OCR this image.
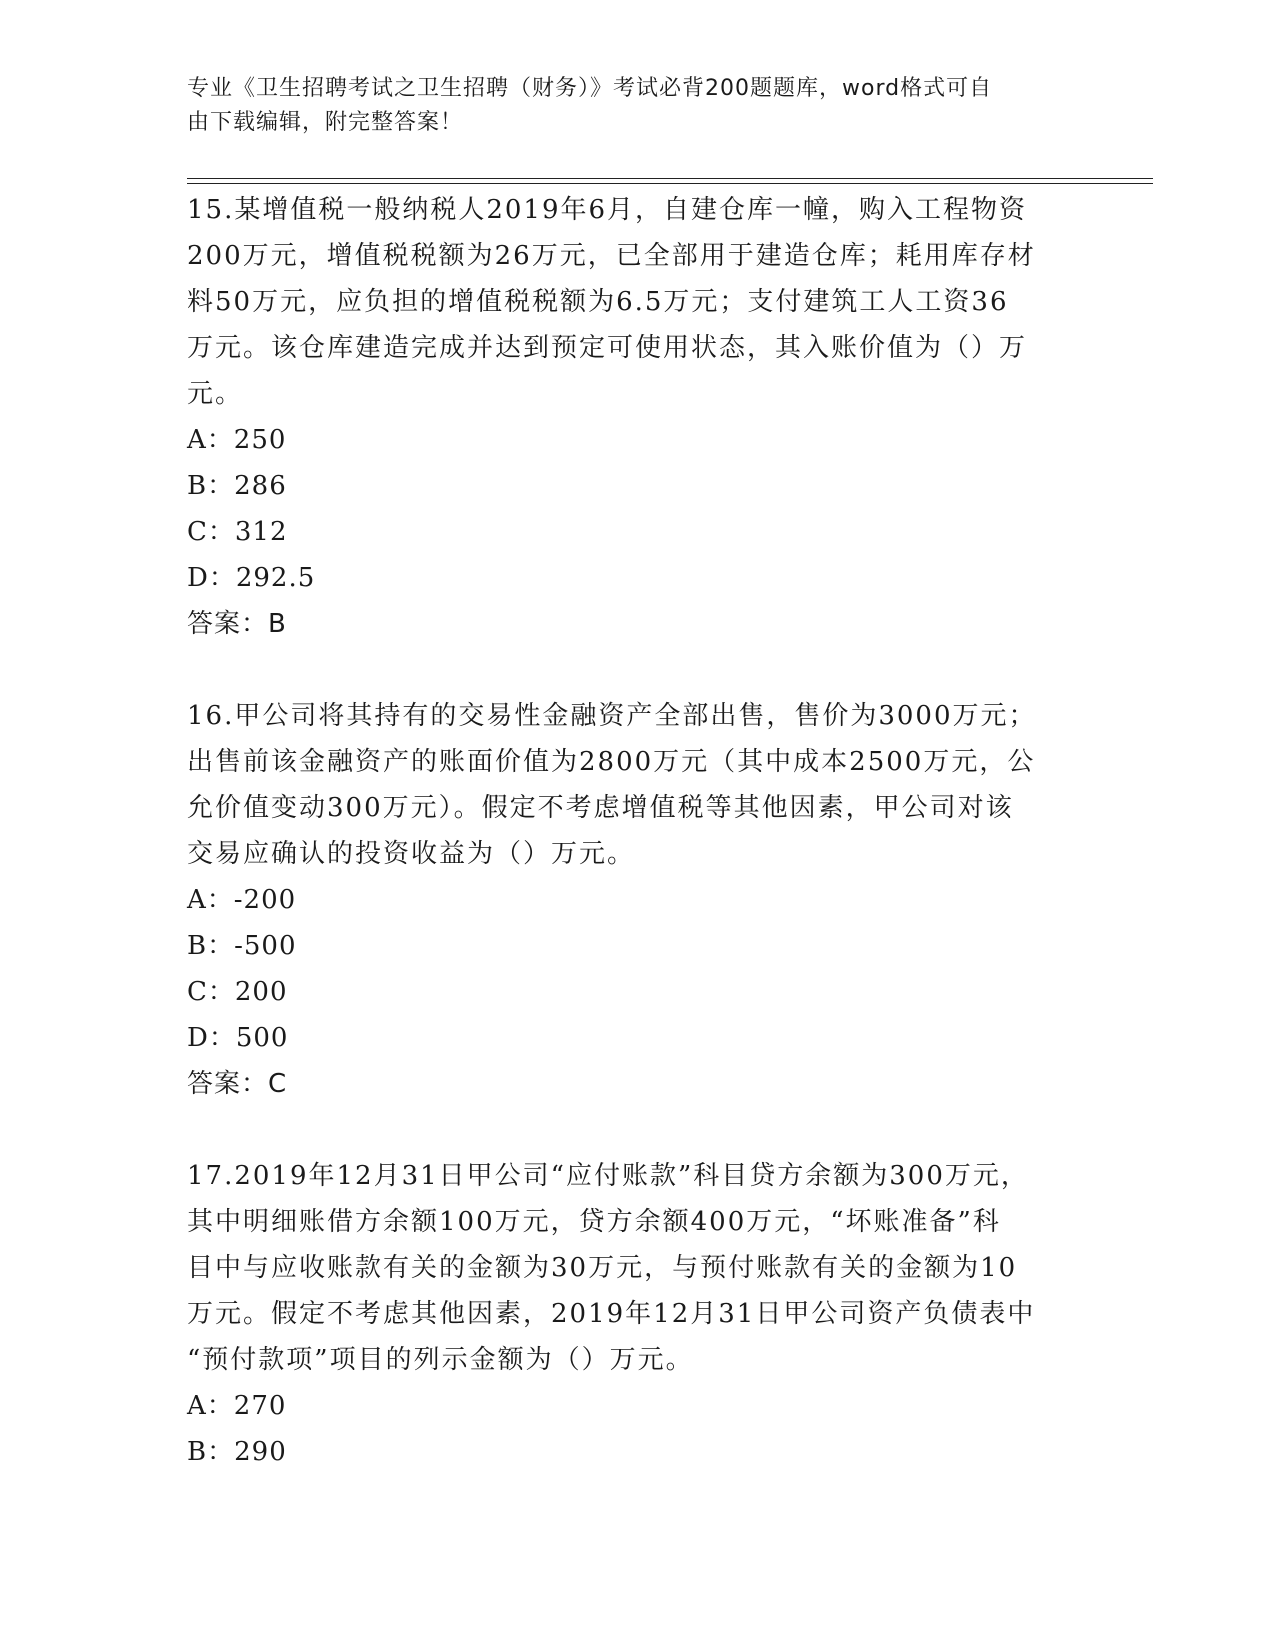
专业《卫生招聘考试之卫生招聘（财务）》考试必背200题题库，word格式可自
由下载编辑，附完整答案！

15.某增值税一般纳税人2019年6月，自建仓库一幢，购入工程物资

200万元，增值税税额为26万元，已全部用于建造仓库；耗用库存材

料50万元，应负担的增值税税额为6.5万元；支付建筑工人工资36

万元。该仓库建造完成并达到预定可使用状态，其入账价值为（）万

元。

A：250

B：286

C：312

D：292.5

答案：B

16.甲公司将其持有的交易性金融资产全部出售，售价为3000万元；

出售前该金融资产的账面价值为2800万元（其中成本2500万元，公

允价值变动300万元）。假定不考虑增值税等其他因素，甲公司对该

交易应确认的投资收益为（）万元。

A：-200

B：-500

C：200

D：500

答案：C

17.2019年12月31日甲公司“应付账款”科目贷方余额为300万元，

其中明细账借方余额100万元，贷方余额400万元，“坏账准备”科

目中与应收账款有关的金额为30万元，与预付账款有关的金额为10

万元。假定不考虑其他因素，2019年12月31日甲公司资产负债表中

“预付款项”项目的列示金额为（）万元。

A：270

B：290
